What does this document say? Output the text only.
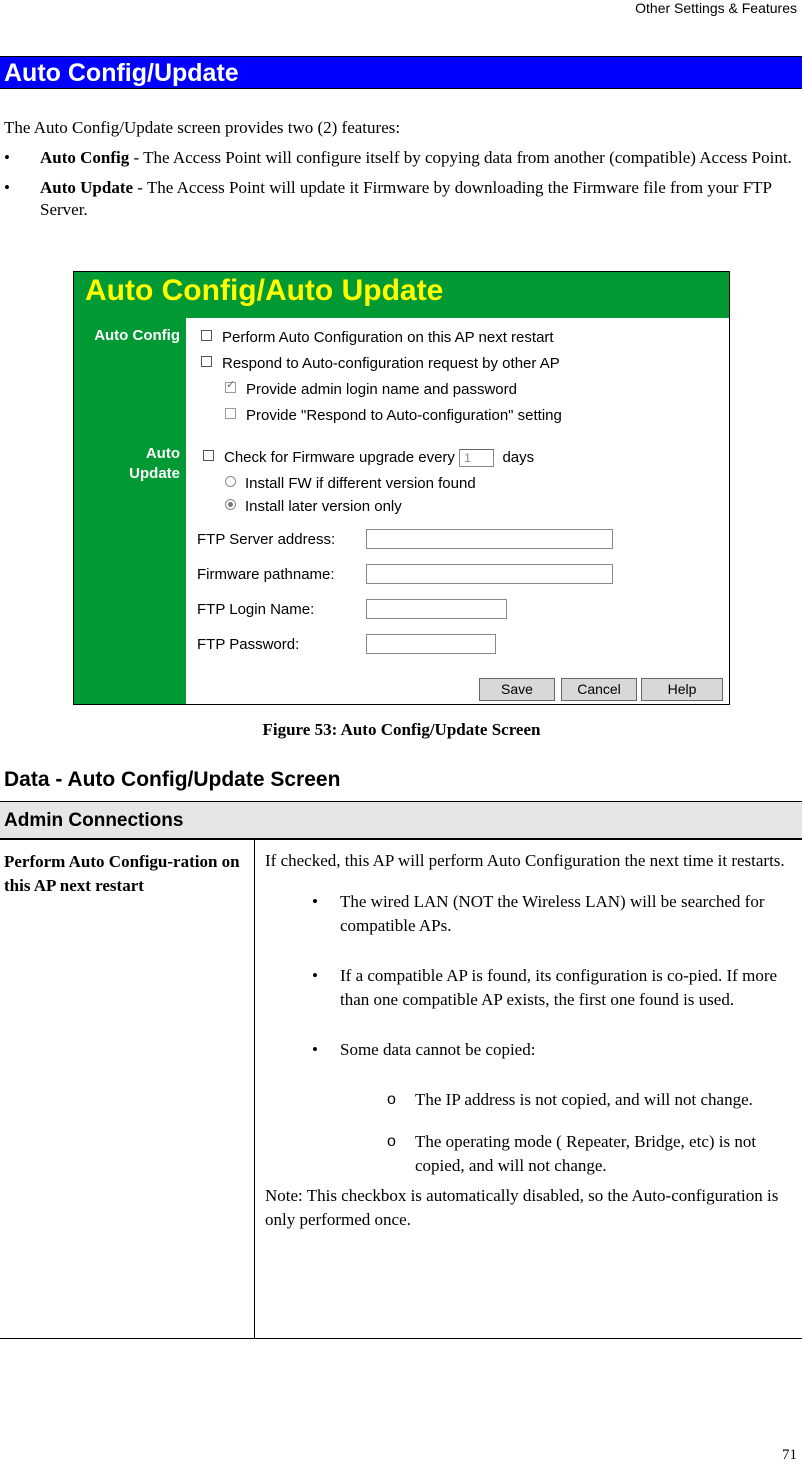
Other Settings & Features
Auto Config/Update

The Auto Config/Update screen provides two (2) features:

• Auto Config - The Access Point will configure itself by copying data from another (compatible) Access Point.
• Auto Update - The Access Point will update it Firmware by downloading the Firmware file from your FTP Server.
Auto Config/Auto Update
Auto Config
Auto
Update
Perform Auto Configuration on this AP next restart
Respond to Auto-configuration request by other AP
✓Provide admin login name and password
Provide "Respond to Auto-configuration" setting
Check for Firmware upgrade every 1 days
Install FW if different version found
Install later version only
FTP Server address:
Firmware pathname:
FTP Login Name:
FTP Password:
Save	Cancel	Help
Figure 53: Auto Config/Update Screen
Data - Auto Config/Update Screen
Admin Connections
Perform Auto Configu-ration on this AP next restart

If checked, this AP will perform Auto Configuration the next time it restarts.

• The wired LAN (NOT the Wireless LAN) will be searched for compatible APs.

• If a compatible AP is found, its configuration is co-pied. If more than one compatible AP exists, the first one found is used.

• Some data cannot be copied:

o The IP address is not copied, and will not change.

o The operating mode ( Repeater, Bridge, etc) is not copied, and will not change.

Note: This checkbox is automatically disabled, so the Auto-configuration is only performed once.

71
